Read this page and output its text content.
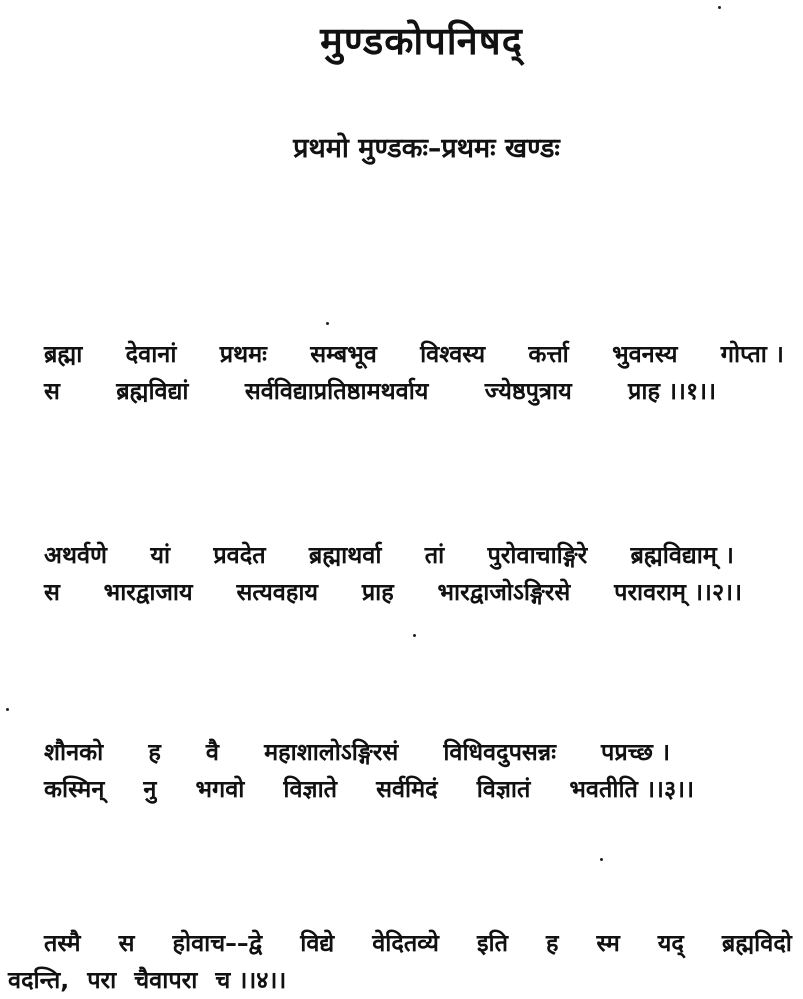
मुण्डकोपनिषद्
प्रथमो मुण्डकः–प्रथमः खण्डः
ब्रह्मा देवानां प्रथमः सम्बभूव विश्वस्य कर्त्ता भुवनस्य गोप्ता ।
स ब्रह्मविद्यां सर्वविद्याप्रतिष्ठामथर्वाय ज्येष्ठपुत्राय प्राह ।।१।।
अथर्वणे यां प्रवदेत ब्रह्माथर्वा तां पुरोवाचाङ्गिरे ब्रह्मविद्याम् ।
स भारद्वाजाय सत्यवहाय प्राह भारद्वाजोऽङ्गिरसे परावराम् ।।२।।
शौनको ह वै महाशालोऽङ्गिरसं विधिवदुपसन्नः पप्रच्छ ।
कस्मिन् नु भगवो विज्ञाते सर्वमिदं विज्ञातं भवतीति ।।३।।
तस्मै स होवाच––द्वे विद्ये वेदितव्ये इति ह स्म यद् ब्रह्मविदो
वदन्ति, परा चैवापरा च ।।४।।
